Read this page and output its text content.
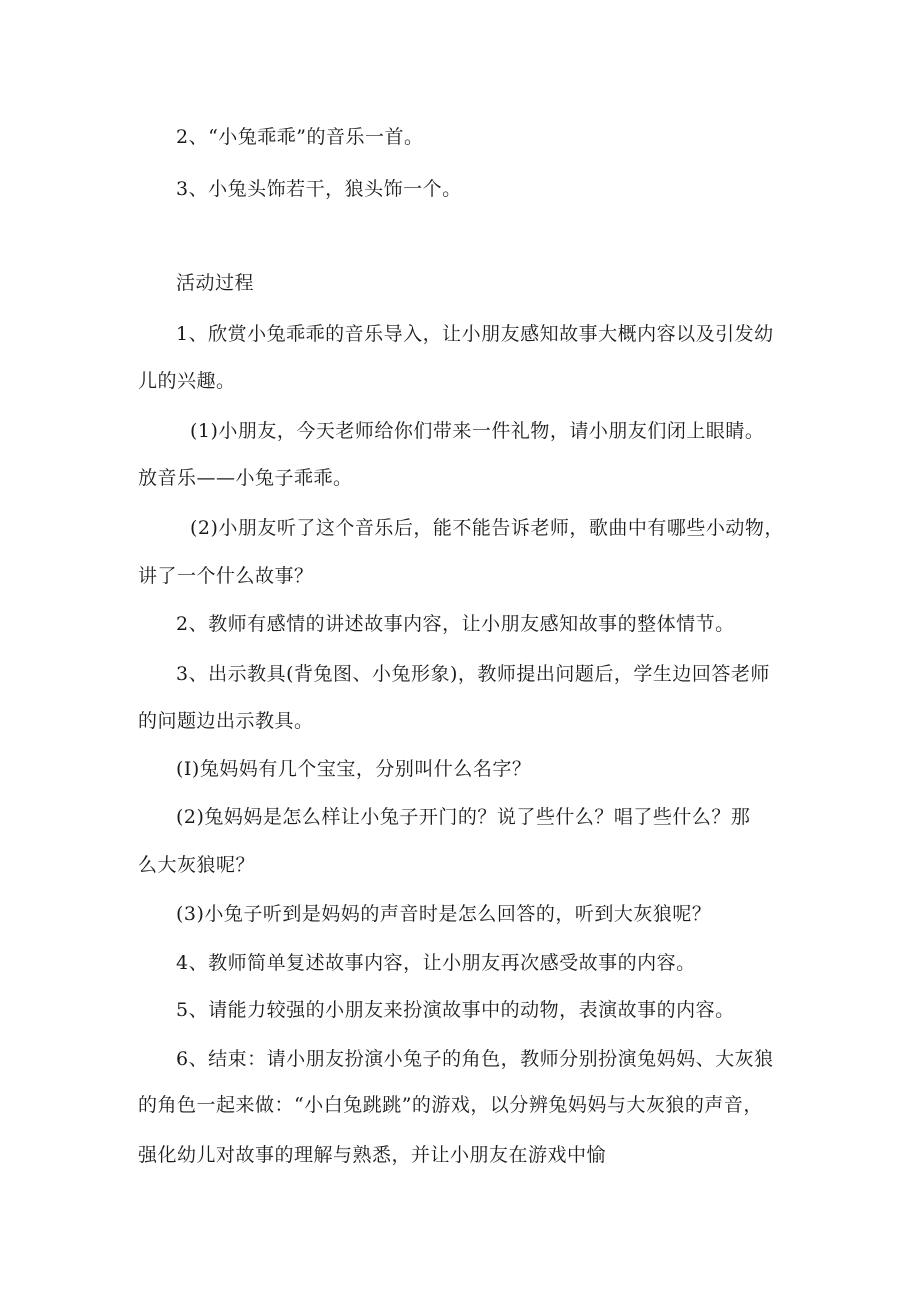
2、“小兔乖乖”的音乐一首。
3、小兔头饰若干，狼头饰一个。
活动过程
1、欣赏小兔乖乖的音乐导入，让小朋友感知故事大概内容以及引发幼
儿的兴趣。
(1)小朋友，今天老师给你们带来一件礼物，请小朋友们闭上眼睛。
放音乐——小兔子乖乖。
(2)小朋友听了这个音乐后，能不能告诉老师，歌曲中有哪些小动物，
讲了一个什么故事？
2、教师有感情的讲述故事内容，让小朋友感知故事的整体情节。
3、出示教具(背兔图、小兔形象)，教师提出问题后，学生边回答老师
的问题边出示教具。
(I)兔妈妈有几个宝宝，分别叫什么名字？
(2)兔妈妈是怎么样让小兔子开门的？说了些什么？唱了些什么？那
么大灰狼呢？
(3)小兔子听到是妈妈的声音时是怎么回答的，听到大灰狼呢？
4、教师简单复述故事内容，让小朋友再次感受故事的内容。
5、请能力较强的小朋友来扮演故事中的动物，表演故事的内容。
6、结束：请小朋友扮演小兔子的角色，教师分别扮演兔妈妈、大灰狼
的角色一起来做：“小白兔跳跳”的游戏，以分辨兔妈妈与大灰狼的声音，
强化幼儿对故事的理解与熟悉，并让小朋友在游戏中愉
